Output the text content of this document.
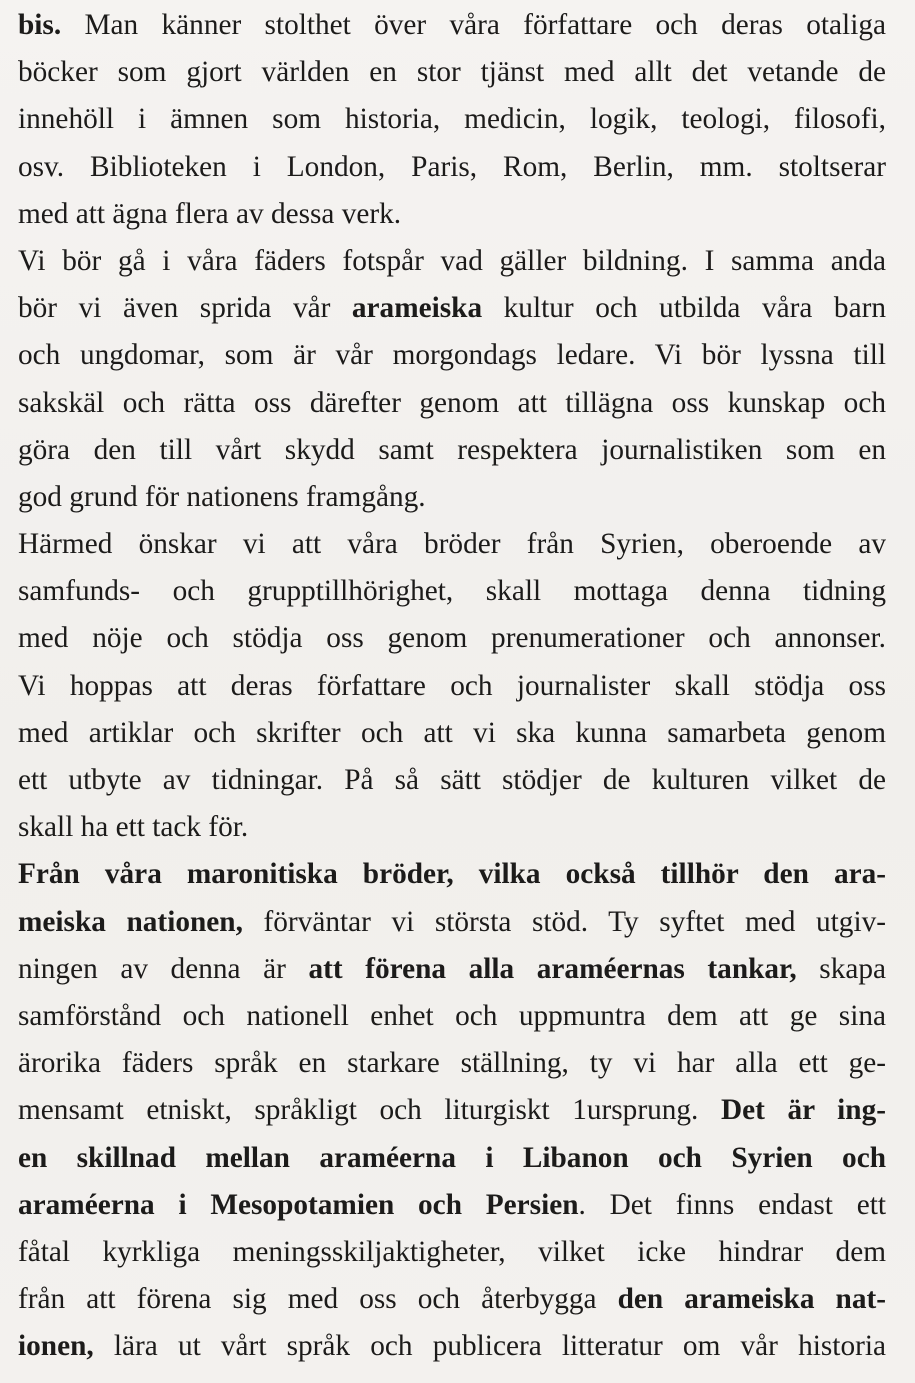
bis. Man känner stolthet över våra författare och deras otaliga
böcker som gjort världen en stor tjänst med allt det vetande de
innehöll i ämnen som historia, medicin, logik, teologi, filosofi,
osv. Biblioteken i London, Paris, Rom, Berlin, mm. stoltserar
med att ägna flera av dessa verk.
Vi bör gå i våra fäders fotspår vad gäller bildning. I samma anda
bör vi även sprida vår arameiska kultur och utbilda våra barn
och ungdomar, som är vår morgondags ledare. Vi bör lyssna till
sakskäl och rätta oss därefter genom att tillägna oss kunskap och
göra den till vårt skydd samt respektera journalistiken som en
god grund för nationens framgång.
Härmed önskar vi att våra bröder från Syrien, oberoende av
samfunds- och grupptillhörighet, skall mottaga denna tidning
med nöje och stödja oss genom prenumerationer och annonser.
Vi hoppas att deras författare och journalister skall stödja oss
med artiklar och skrifter och att vi ska kunna samarbeta genom
ett utbyte av tidningar. På så sätt stödjer de kulturen vilket de
skall ha ett tack för.
Från våra maronitiska bröder, vilka också tillhör den ara-
meiska nationen, förväntar vi största stöd. Ty syftet med utgiv-
ningen av denna är att förena alla araméernas tankar, skapa
samförstånd och nationell enhet och uppmuntra dem att ge sina
ärorika fäders språk en starkare ställning, ty vi har alla ett ge-
mensamt etniskt, språkligt och liturgiskt 1ursprung. Det är ing-
en skillnad mellan araméerna i Libanon och Syrien och
araméerna i Mesopotamien och Persien. Det finns endast ett
fåtal kyrkliga meningsskiljaktigheter, vilket icke hindrar dem
från att förena sig med oss och återbygga den arameiska nat-
ionen, lära ut vårt språk och publicera litteratur om vår historia
